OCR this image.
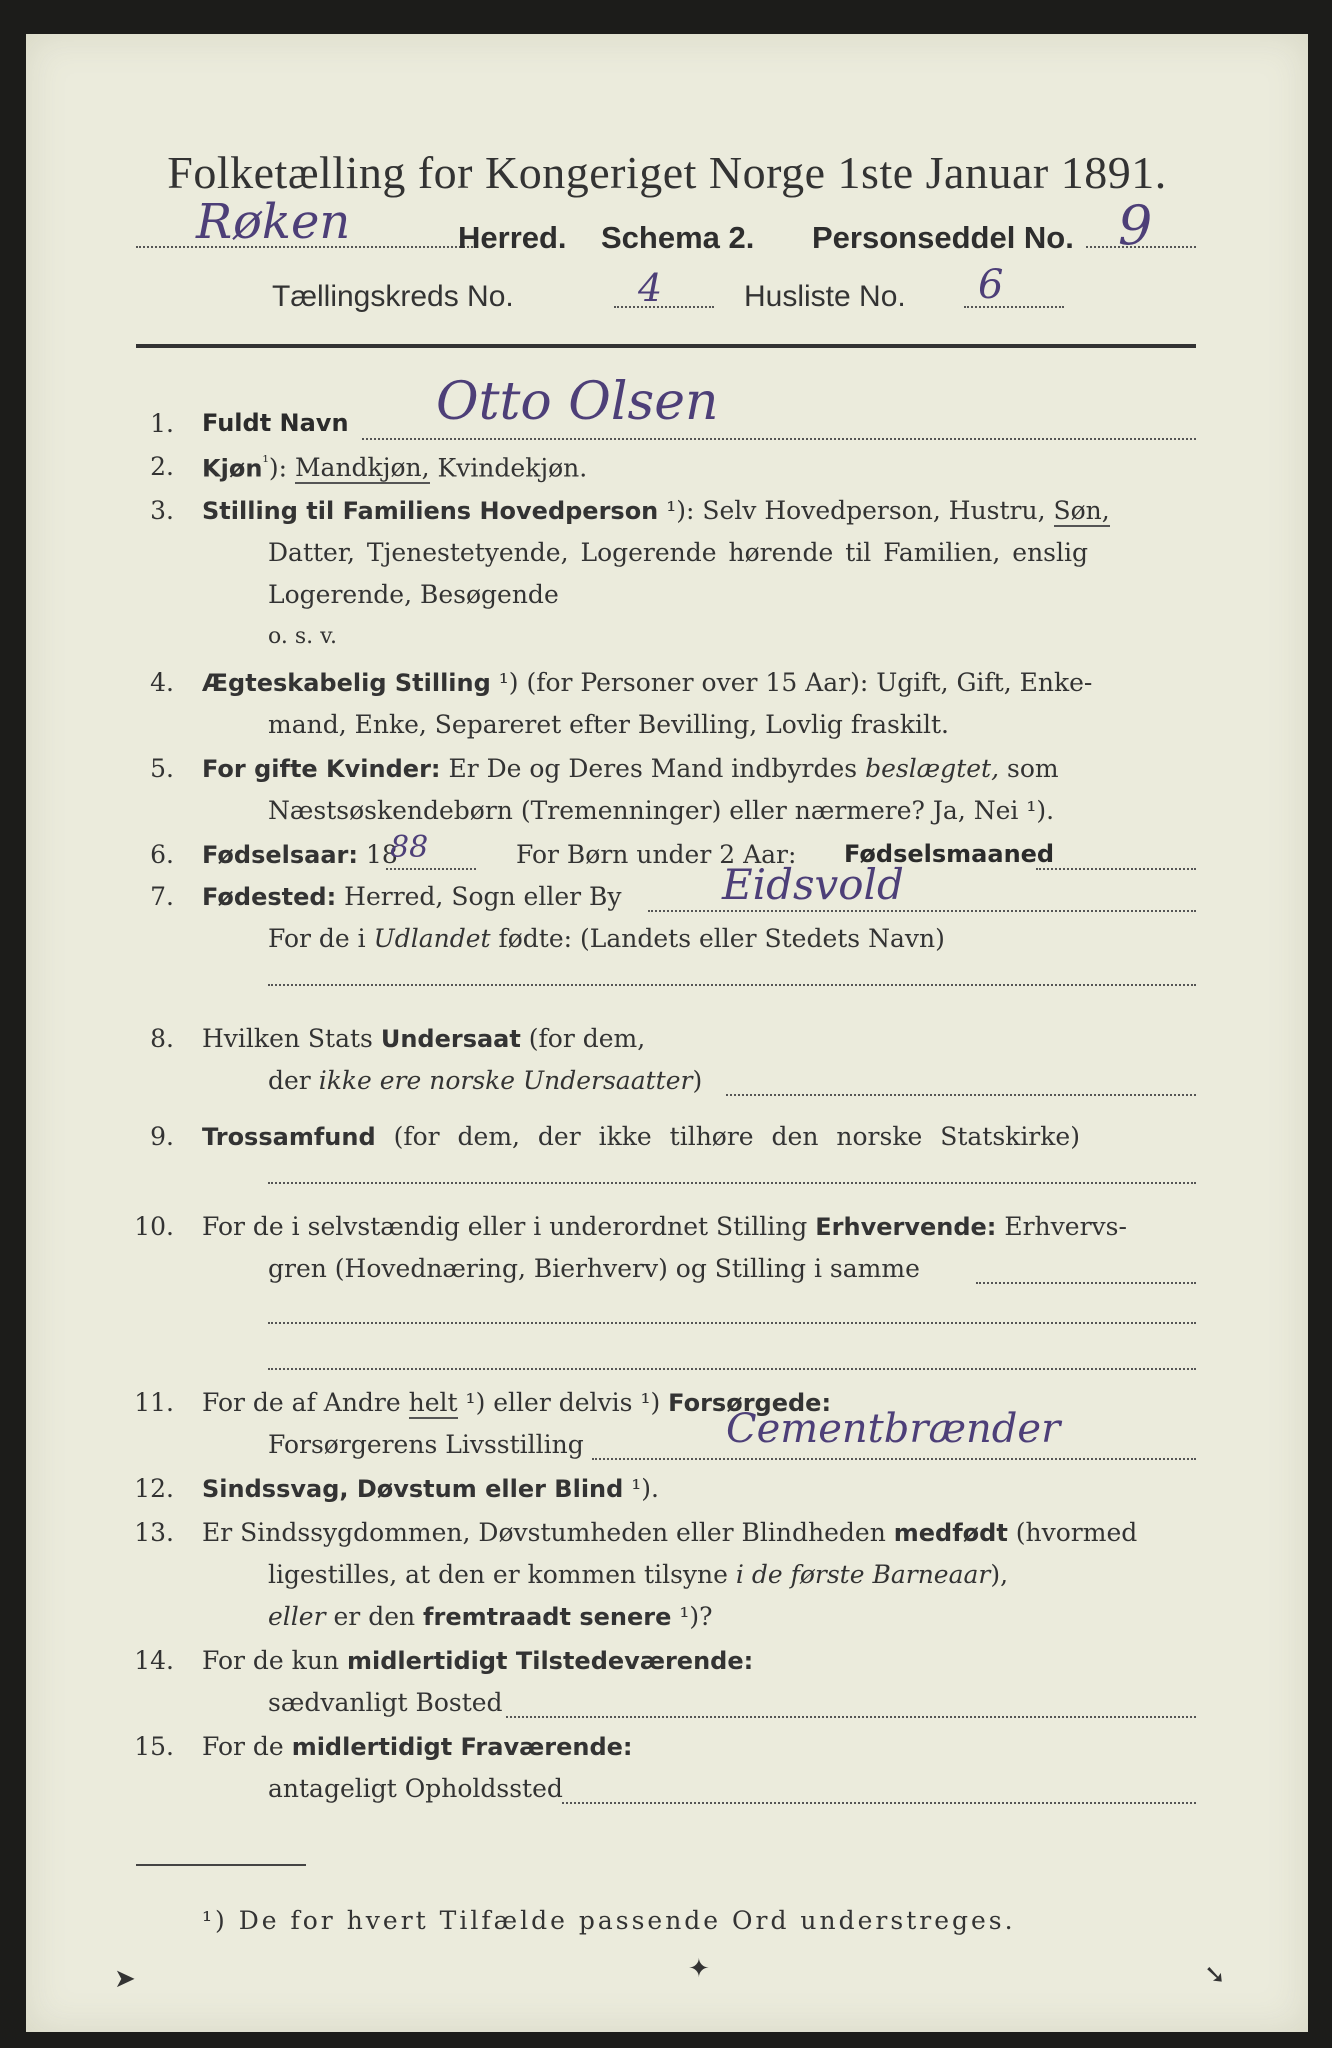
Folketælling for Kongeriget Norge 1ste Januar 1891.
Røken	Herred. Schema 2. Personseddel No. 9
Tællingskreds No.	4	Husliste No. 6
1. Fuldt Navn Otto Olsen
2. Kjøn$^{^1}$): Mandkjøn, Kvindekjøn.
3. Stilling til Familiens Hovedperson ¹): Selv Hovedperson, Hustru, Søn,
Datter, Tjenestetyende, Logerende hørende til Familien, enslig
Logerende, Besøgende
o. s. v.
4. Ægteskabelig Stilling ¹) (for Personer over 15 Aar): Ugift, Gift, Enke-
mand, Enke, Separeret efter Bevilling, Lovlig fraskilt.
5. For gifte Kvinder: Er De og Deres Mand indbyrdes beslægtet, som
Næstsøskendebørn (Tremenninger) eller nærmere? Ja, Nei ¹).
6. Fødselsaar: 18
88	For Børn under 2 Aar: Fødselsmaaned
7. Fødested: Herred, Sogn eller By Eidsvold
For de i Udlandet fødte: (Landets eller Stedets Navn)
8. Hvilken Stats Undersaat (for dem,
der ikke ere norske Undersaatter)
9. Trossamfund (for dem, der ikke tilhøre den norske Statskirke)
10. For de i selvstændig eller i underordnet Stilling Erhvervende: Erhvervs-
gren (Hovednæring, Bierhverv) og Stilling i samme
11. For de af Andre helt ¹) eller delvis ¹) Forsørgede:
Forsørgerens Livsstilling	Cementbrænder
12. Sindssvag, Døvstum eller Blind ¹).
13. Er Sindssygdommen, Døvstumheden eller Blindheden medfødt (hvormed
ligestilles, at den er kommen tilsyne i de første Barneaar),
eller er den fremtraadt senere ¹)?
14. For de kun midlertidigt Tilstedeværende:
sædvanligt Bosted
15. For de midlertidigt Fraværende:
antageligt Opholdssted
¹) De for hvert Tilfælde passende Ord understreges.
➤	✦	➘
